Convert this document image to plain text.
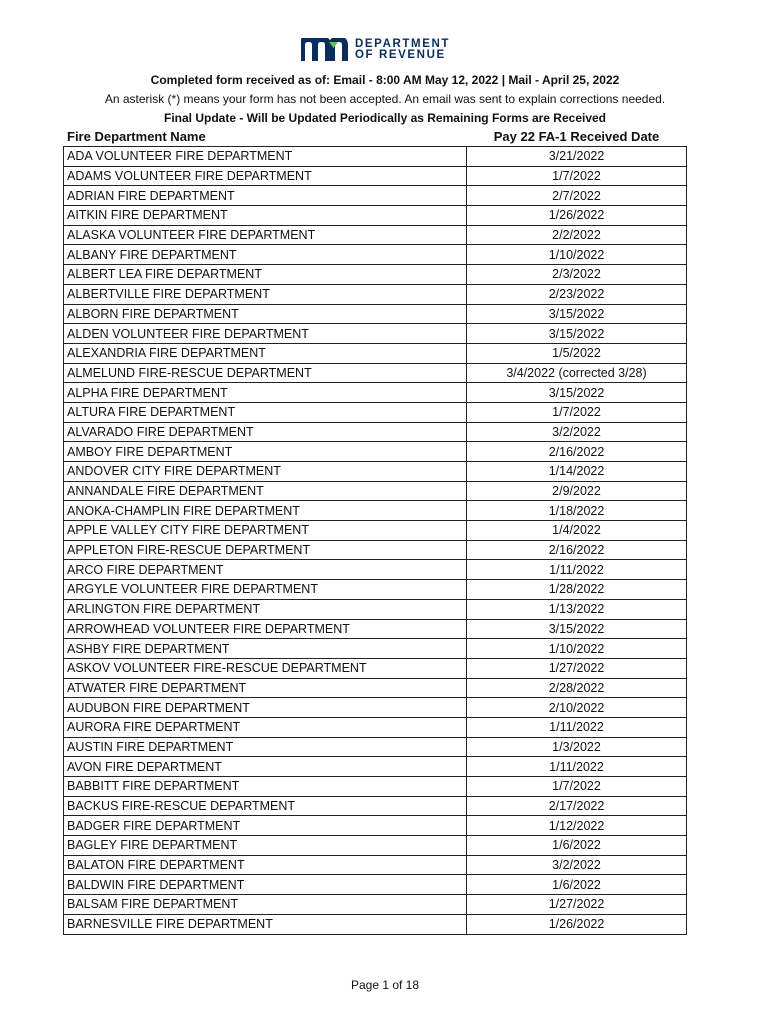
DEPARTMENT
OF REVENUE
Completed form received as of: Email - 8:00 AM May 12, 2022 | Mail - April 25, 2022
An asterisk (*) means your form has not been accepted. An email was sent to explain corrections needed.
Final Update - Will be Updated Periodically as Remaining Forms are Received
Fire Department Name	Pay 22 FA-1 Received Date
ADA VOLUNTEER FIRE DEPARTMENT	3/21/2022
ADAMS VOLUNTEER FIRE DEPARTMENT	1/7/2022
ADRIAN FIRE DEPARTMENT	2/7/2022
AITKIN FIRE DEPARTMENT	1/26/2022
ALASKA VOLUNTEER FIRE DEPARTMENT	2/2/2022
ALBANY FIRE DEPARTMENT	1/10/2022
ALBERT LEA FIRE DEPARTMENT	2/3/2022
ALBERTVILLE FIRE DEPARTMENT	2/23/2022
ALBORN FIRE DEPARTMENT	3/15/2022
ALDEN VOLUNTEER FIRE DEPARTMENT	3/15/2022
ALEXANDRIA FIRE DEPARTMENT	1/5/2022
ALMELUND FIRE-RESCUE DEPARTMENT	3/4/2022 (corrected 3/28)
ALPHA FIRE DEPARTMENT	3/15/2022
ALTURA FIRE DEPARTMENT	1/7/2022
ALVARADO FIRE DEPARTMENT	3/2/2022
AMBOY FIRE DEPARTMENT	2/16/2022
ANDOVER CITY FIRE DEPARTMENT	1/14/2022
ANNANDALE FIRE DEPARTMENT	2/9/2022
ANOKA-CHAMPLIN FIRE DEPARTMENT	1/18/2022
APPLE VALLEY CITY FIRE DEPARTMENT	1/4/2022
APPLETON FIRE-RESCUE DEPARTMENT	2/16/2022
ARCO FIRE DEPARTMENT	1/11/2022
ARGYLE VOLUNTEER FIRE DEPARTMENT	1/28/2022
ARLINGTON FIRE DEPARTMENT	1/13/2022
ARROWHEAD VOLUNTEER FIRE DEPARTMENT	3/15/2022
ASHBY FIRE DEPARTMENT	1/10/2022
ASKOV VOLUNTEER FIRE-RESCUE DEPARTMENT	1/27/2022
ATWATER FIRE DEPARTMENT	2/28/2022
AUDUBON FIRE DEPARTMENT	2/10/2022
AURORA FIRE DEPARTMENT	1/11/2022
AUSTIN FIRE DEPARTMENT	1/3/2022
AVON FIRE DEPARTMENT	1/11/2022
BABBITT FIRE DEPARTMENT	1/7/2022
BACKUS FIRE-RESCUE DEPARTMENT	2/17/2022
BADGER FIRE DEPARTMENT	1/12/2022
BAGLEY FIRE DEPARTMENT	1/6/2022
BALATON FIRE DEPARTMENT	3/2/2022
BALDWIN FIRE DEPARTMENT	1/6/2022
BALSAM FIRE DEPARTMENT	1/27/2022
BARNESVILLE FIRE DEPARTMENT	1/26/2022
Page 1 of 18
